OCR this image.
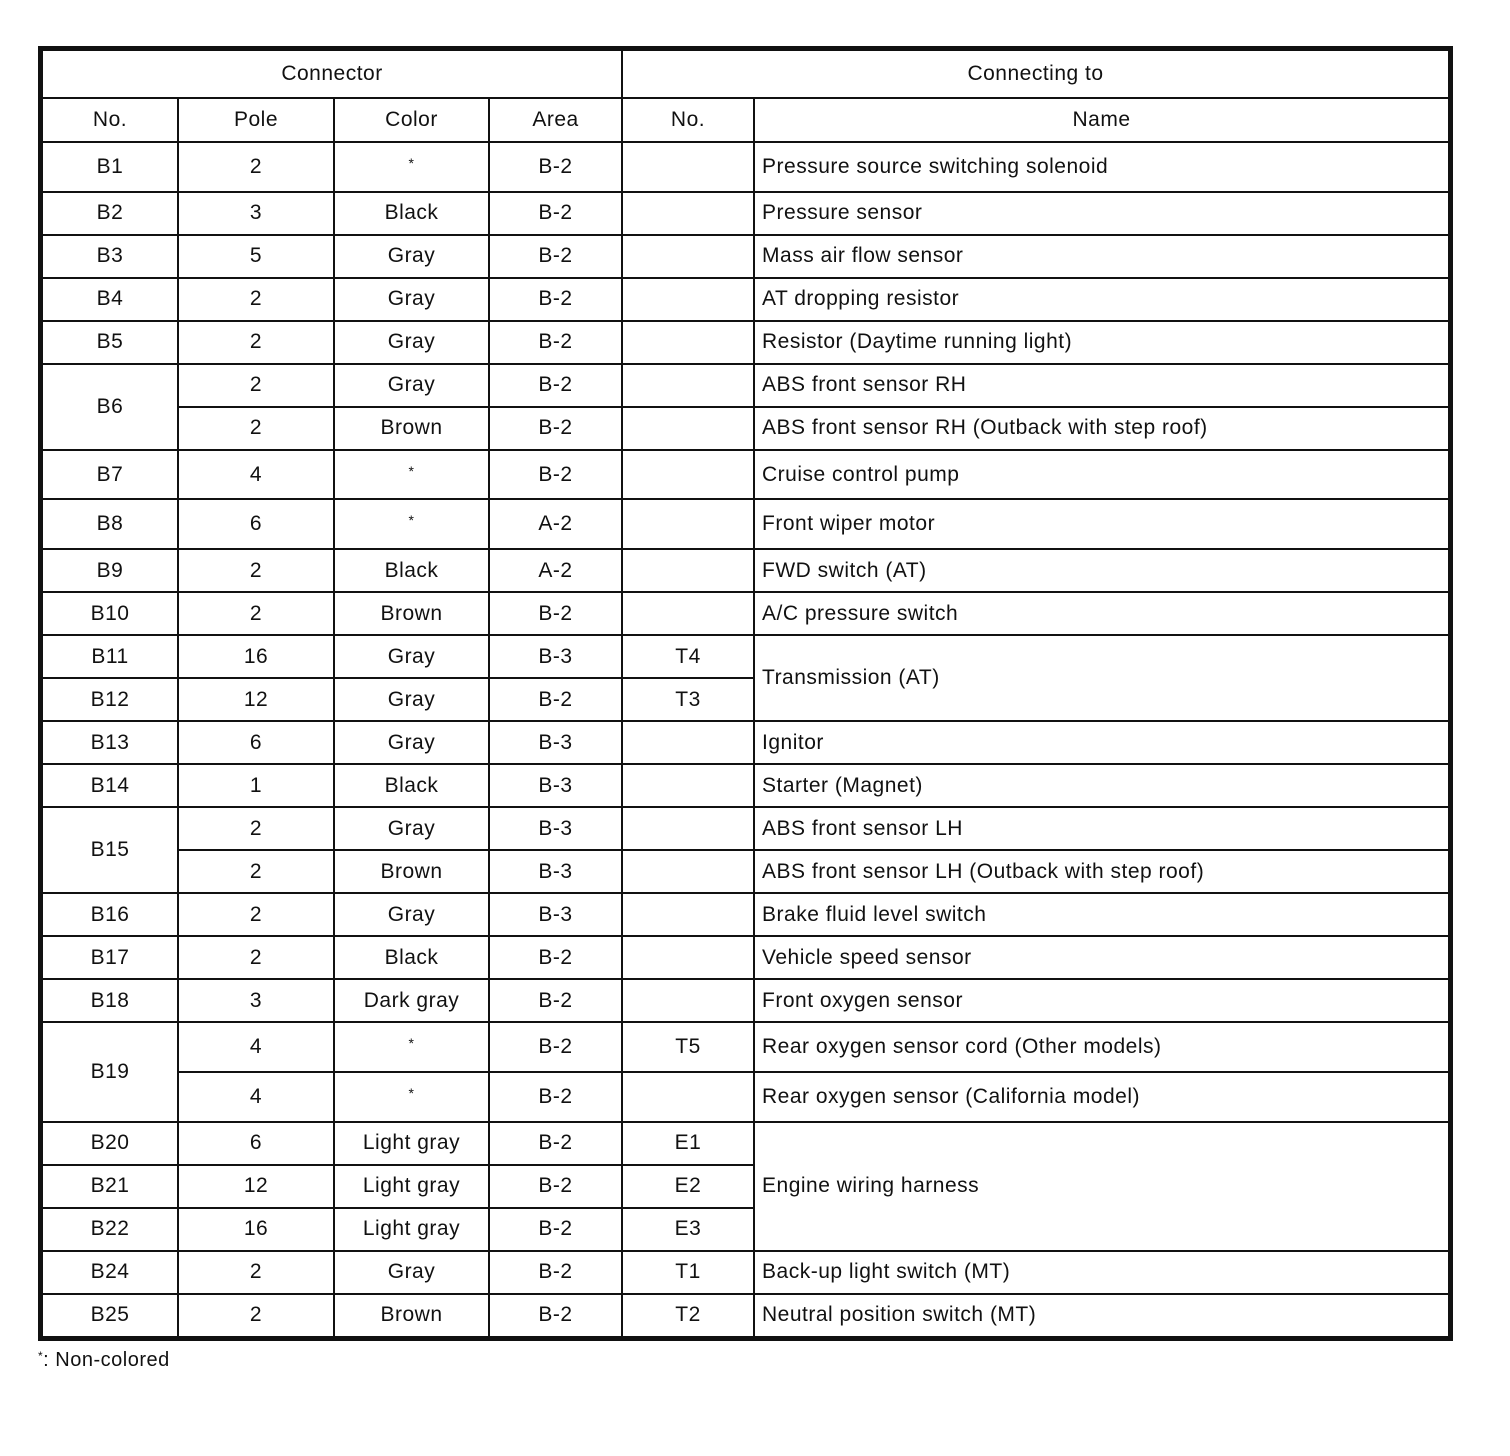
Connector				Connecting to	
No.	Pole	Color	Area	No.	Name
B1	2	*	B-2		Pressure source switching solenoid
B2	3	Black	B-2		Pressure sensor
B3	5	Gray	B-2		Mass air flow sensor
B4	2	Gray	B-2		AT dropping resistor
B5	2	Gray	B-2		Resistor (Daytime running light)
B6	2	Gray	B-2		ABS front sensor RH
	2	Brown	B-2		ABS front sensor RH (Outback with step roof)
B7	4	*	B-2		Cruise control pump
B8	6	*	A-2		Front wiper motor
B9	2	Black	A-2		FWD switch (AT)
B10	2	Brown	B-2		A/C pressure switch
B11	16	Gray	B-3	T4	Transmission (AT)
B12	12	Gray	B-2	T3	
B13	6	Gray	B-3		Ignitor
B14	1	Black	B-3		Starter (Magnet)
B15	2	Gray	B-3		ABS front sensor LH
	2	Brown	B-3		ABS front sensor LH (Outback with step roof)
B16	2	Gray	B-3		Brake fluid level switch
B17	2	Black	B-2		Vehicle speed sensor
B18	3	Dark gray	B-2		Front oxygen sensor
B19	4	*	B-2	T5	Rear oxygen sensor cord (Other models)
	4	*	B-2		Rear oxygen sensor (California model)
B20	6	Light gray	B-2	E1	Engine wiring harness
B21	12	Light gray	B-2	E2	
B22	16	Light gray	B-2	E3	
B24	2	Gray	B-2	T1	Back-up light switch (MT)
B25	2	Brown	B-2	T2	Neutral position switch (MT)
*: Non-colored
